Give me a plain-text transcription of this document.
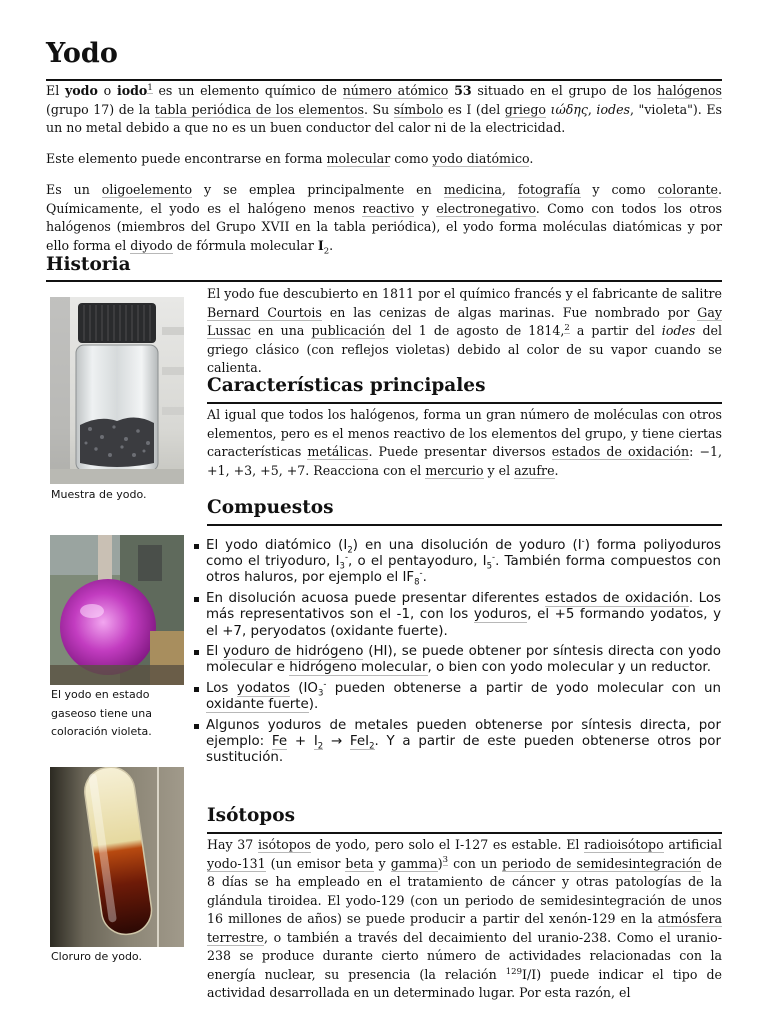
Yodo

El yodo o iodo$^1$ es un elemento químico de número atómico 53 situado en el grupo de los halógenos (grupo 17) de la tabla periódica de los elementos. Su símbolo es I (del griego ιώδης, iodes, "violeta"). Es un no metal debido a que no es un buen conductor del calor ni de la electricidad.

Este elemento puede encontrarse en forma molecular como yodo diatómico.

Es un oligoelemento y se emplea principalmente en medicina, fotografía y como colorante. Químicamente, el yodo es el halógeno menos reactivo y electronegativo. Como con todos los otros halógenos (miembros del Grupo XVII en la tabla periódica), el yodo forma moléculas diatómicas y por ello forma el diyodo de fórmula molecular $I_2$.

Historia

El yodo fue descubierto en 1811 por el químico francés y el fabricante de salitre Bernard Courtois en las cenizas de algas marinas. Fue nombrado por Gay Lussac en una publicación del 1 de agosto de 1814,$^2$ a partir del iodes del griego clásico (con reflejos violetas) debido al color de su vapor cuando se calienta.

Características principales

Al igual que todos los halógenos, forma un gran número de moléculas con otros elementos, pero es el menos reactivo de los elementos del grupo, y tiene ciertas características metálicas. Puede presentar diversos estados de oxidación: −1, +1, +3, +5, +7. Reacciona con el mercurio y el azufre.

Compuestos
El yodo diatómico $(I_2)$ en una disolución de yoduro (I-) forma poliyoduros como el triyoduro, $I_3^-$, o el pentayoduro, $I_5^-$. También forma compuestos con otros haluros, por ejemplo el $IF_8^-$.
En disolución acuosa puede presentar diferentes estados de oxidación. Los más representativos son el -1, con los yoduros, el +5 formando yodatos, y el +7, peryodatos (oxidante fuerte).
El yoduro de hidrógeno (HI), se puede obtener por síntesis directa con yodo molecular e hidrógeno molecular, o bien con yodo molecular y un reductor.
Los yodatos ($IO_3^-$ pueden obtenerse a partir de yodo molecular con un oxidante fuerte).
Algunos yoduros de metales pueden obtenerse por síntesis directa, por ejemplo: $Fe + I_2 \to FeI_2$. Y a partir de este pueden obtenerse otros por sustitución.
Isótopos

Hay 37 isótopos de yodo, pero solo el I-127 es estable. El radioisótopo artificial yodo-131 (un emisor beta y gamma)$^3$ con un periodo de semidesintegración de 8 días se ha empleado en el tratamiento de cáncer y otras patologías de la glándula tiroidea. El yodo-129 (con un periodo de semidesintegración de unos 16 millones de años) se puede producir a partir del xenón-129 en la atmósfera terrestre, o también a través del decaimiento del uranio-238. Como el uranio-238 se produce durante cierto número de actividades relacionadas con la energía nuclear, su presencia (la relación $^{129}$I/I) puede indicar el tipo de actividad desarrollada en un determinado lugar. Por esta razón, el

Muestra de yodo.
El yodo en estado gaseoso tiene una coloración violeta.
Cloruro de yodo.
